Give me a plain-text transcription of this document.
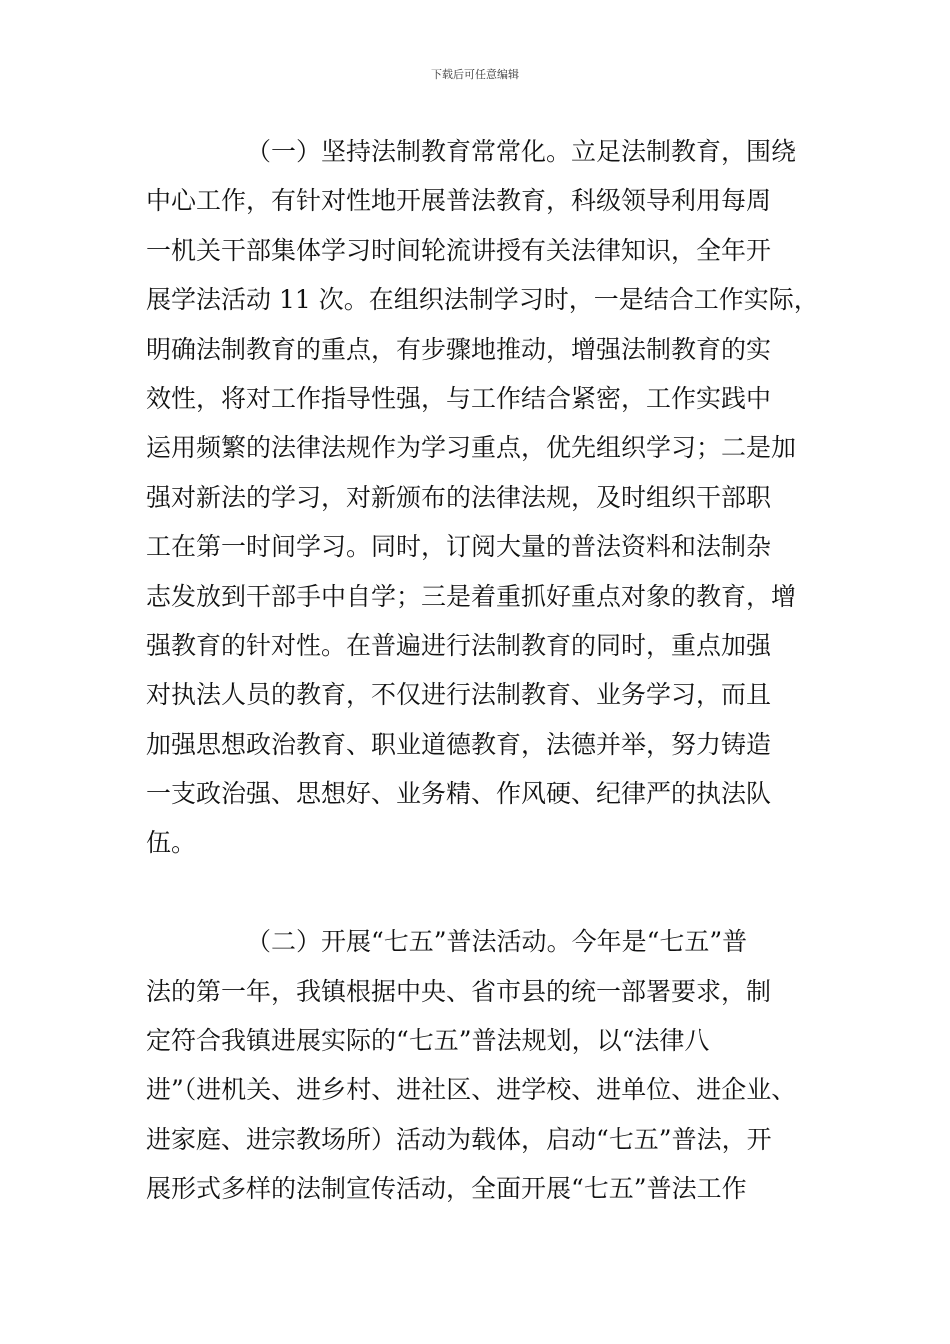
下载后可任意编辑
（一）坚持法制教育常常化。立足法制教育，围绕
中心工作，有针对性地开展普法教育，科级领导利用每周
一机关干部集体学习时间轮流讲授有关法律知识，全年开
展学法活动 11 次。在组织法制学习时，一是结合工作实际，
明确法制教育的重点，有步骤地推动，增强法制教育的实
效性，将对工作指导性强，与工作结合紧密，工作实践中
运用频繁的法律法规作为学习重点，优先组织学习；二是加
强对新法的学习，对新颁布的法律法规，及时组织干部职
工在第一时间学习。同时，订阅大量的普法资料和法制杂
志发放到干部手中自学；三是着重抓好重点对象的教育，增
强教育的针对性。在普遍进行法制教育的同时，重点加强
对执法人员的教育，不仅进行法制教育、业务学习，而且
加强思想政治教育、职业道德教育，法德并举，努力铸造
一支政治强、思想好、业务精、作风硬、纪律严的执法队
伍。
（二）开展“七五”普法活动。今年是“七五”普
法的第一年，我镇根据中央、省市县的统一部署要求，制
定符合我镇进展实际的“七五”普法规划，以“法律八
进”（进机关、进乡村、进社区、进学校、进单位、进企业、
进家庭、进宗教场所）活动为载体，启动“七五”普法，开
展形式多样的法制宣传活动，全面开展“七五”普法工作
